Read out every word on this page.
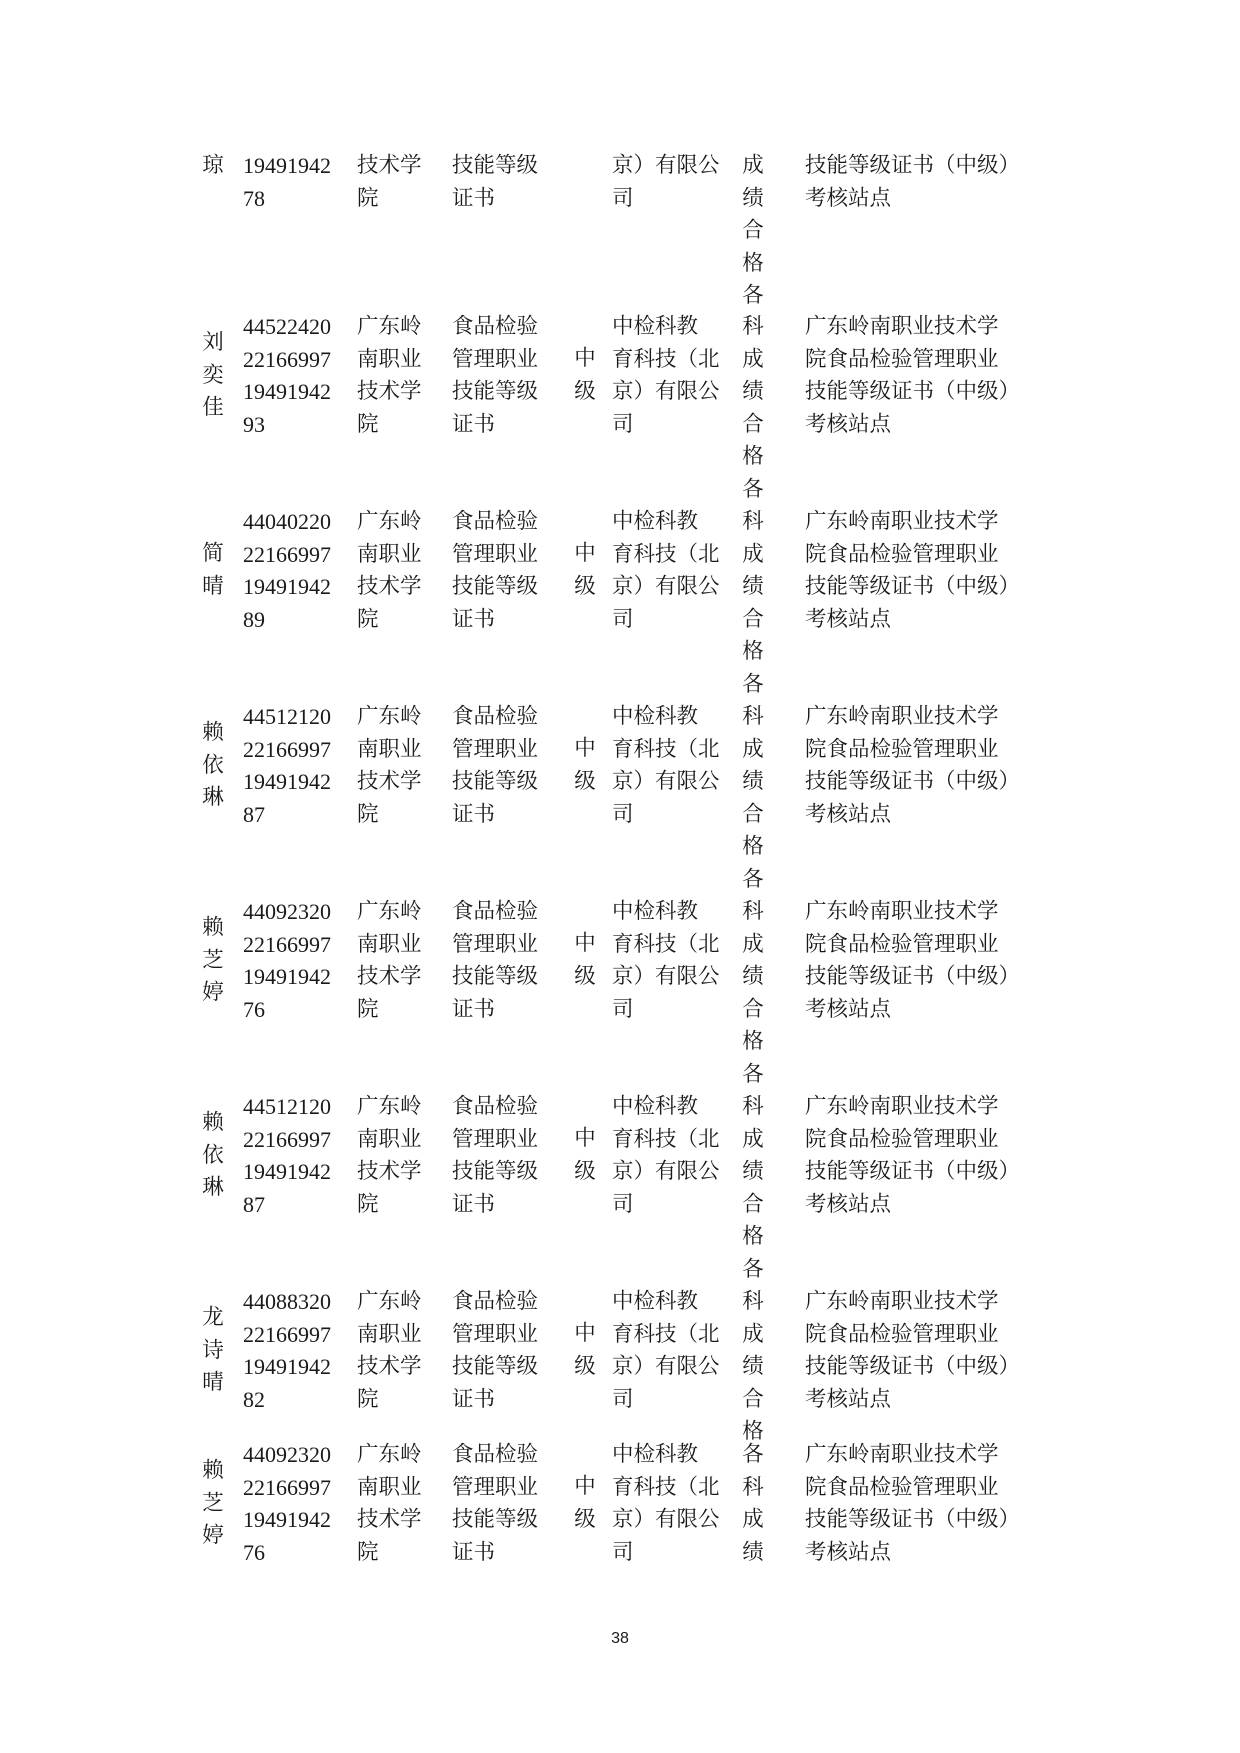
琼 19491942
78
技术学
院
技能等级
证书
京）有限公
司
成
绩
合
格
各
技能等级证书（中级）
考核站点
刘
奕
佳
44522420
22166997
19491942
93
广东岭
南职业
技术学
院
食品检验
管理职业
技能等级
证书
中
级
中检科教
育科技（北
京）有限公
司
科
成
绩
合
格
各
广东岭南职业技术学
院食品检验管理职业
技能等级证书（中级）
考核站点
简
晴
44040220
22166997
19491942
89
广东岭
南职业
技术学
院
食品检验
管理职业
技能等级
证书
中
级
中检科教
育科技（北
京）有限公
司
科
成
绩
合
格
各
广东岭南职业技术学
院食品检验管理职业
技能等级证书（中级）
考核站点
赖
依
琳
44512120
22166997
19491942
87
广东岭
南职业
技术学
院
食品检验
管理职业
技能等级
证书
中
级
中检科教
育科技（北
京）有限公
司
科
成
绩
合
格
各
广东岭南职业技术学
院食品检验管理职业
技能等级证书（中级）
考核站点
赖
芝
婷
44092320
22166997
19491942
76
广东岭
南职业
技术学
院
食品检验
管理职业
技能等级
证书
中
级
中检科教
育科技（北
京）有限公
司
科
成
绩
合
格
各
广东岭南职业技术学
院食品检验管理职业
技能等级证书（中级）
考核站点
赖
依
琳
44512120
22166997
19491942
87
广东岭
南职业
技术学
院
食品检验
管理职业
技能等级
证书
中
级
中检科教
育科技（北
京）有限公
司
科
成
绩
合
格
各
广东岭南职业技术学
院食品检验管理职业
技能等级证书（中级）
考核站点
龙
诗
晴
44088320
22166997
19491942
82
广东岭
南职业
技术学
院
食品检验
管理职业
技能等级
证书
中
级
中检科教
育科技（北
京）有限公
司
科
成
绩
合
格
广东岭南职业技术学
院食品检验管理职业
技能等级证书（中级）
考核站点
赖
芝
婷
44092320
22166997
19491942
76
广东岭
南职业
技术学
院
食品检验
管理职业
技能等级
证书
中
级
中检科教
育科技（北
京）有限公
司
各
科
成
绩
广东岭南职业技术学
院食品检验管理职业
技能等级证书（中级）
考核站点
38
